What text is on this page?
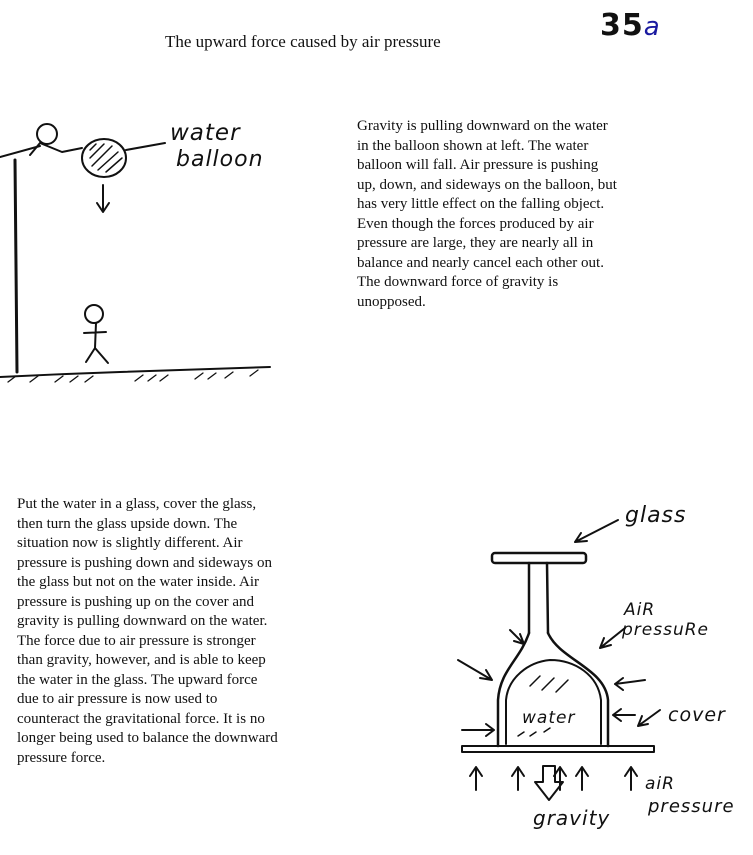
The upward force caused by air pressure	35a
water
balloon
Gravity is pulling downward on the water
in the balloon shown at left. The water
balloon will fall. Air pressure is pushing
up, down, and sideways on the balloon, but
has very little effect on the falling object.
Even though the forces produced by air
pressure are large, they are nearly all in
balance and nearly cancel each other out.
The downward force of gravity is
unopposed.
Put the water in a glass, cover the glass,
then turn the glass upside down. The
situation now is slightly different. Air
pressure is pushing down and sideways on
the glass but not on the water inside. Air
pressure is pushing up on the cover and
gravity is pulling downward on the water.
The force due to air pressure is stronger
than gravity, however, and is able to keep
the water in the glass. The upward force
due to air pressure is now used to
counteract the gravitational force. It is no
longer being used to balance the downward
pressure force.
glass
AiR
pressuRe
water	cover
gravity
aiR
pressure
